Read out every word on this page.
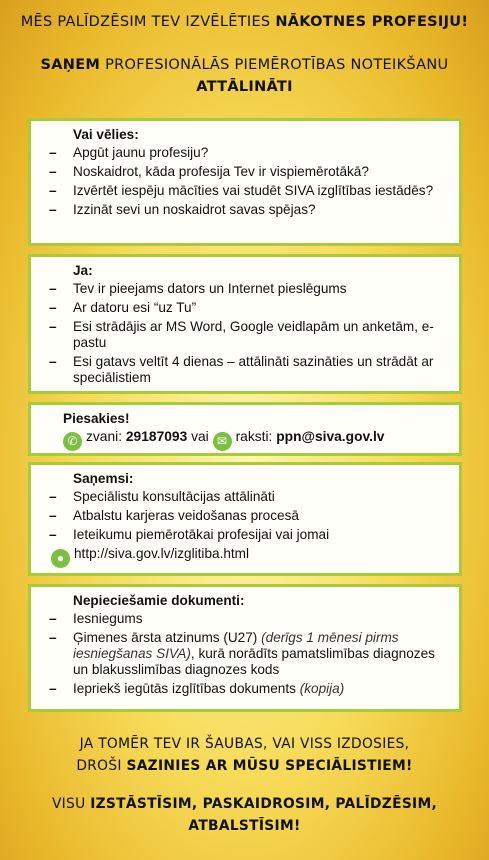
MĒS PALĪDZĒSIM TEV IZVĒLĒTIES NĀKOTNES PROFESIJU!
SAŅEM PROFESIONĀLĀS PIEMĒROTĪBAS NOTEIKŠANU
ATTĀLINĀTI
Vai vēlies:
– Apgūt jaunu profesiju?
– Noskaidrot, kāda profesija Tev ir vispiemērotākā?
– Izvērtēt iespēju mācīties vai studēt SIVA izglītības iestādēs?
– Izzināt sevi un noskaidrot savas spējas?
Ja:
– Tev ir pieejams dators un Internet pieslēgums
– Ar datoru esi “uz Tu”
– Esi strādājis ar MS Word, Google veidlapām un anketām, e-pastu
– Esi gatavs veltīt 4 dienas – attālināti sazināties un strādāt ar speciālistiem
Piesakies!
✆ zvani: 29187093 vai ✉ raksti: ppn@siva.gov.lv
Saņemsi:
– Speciālistu konsultācijas attālināti
– Atbalstu karjeras veidošanas procesā
– Ieteikumu piemērotākai profesijai vai jomai
● http://siva.gov.lv/izglitiba.html
Nepieciešamie dokumenti:
– Iesniegums
– Ģimenes ārsta atzinums (U27) (derīgs 1 mēnesi pirms iesniegšanas SIVA), kurā norādīts pamatslimības diagnozes un blakusslimības diagnozes kods
– Iepriekš iegūtās izglītības dokuments (kopija)
JA TOMĒR TEV IR ŠAUBAS, VAI VISS IZDOSIES,
DROŠI SAZINIES AR MŪSU SPECIĀLISTIEM!
VISU IZSTĀSTĪSIM, PASKAIDROSIM, PALĪDZĒSIM,
ATBALSTĪSIM!
